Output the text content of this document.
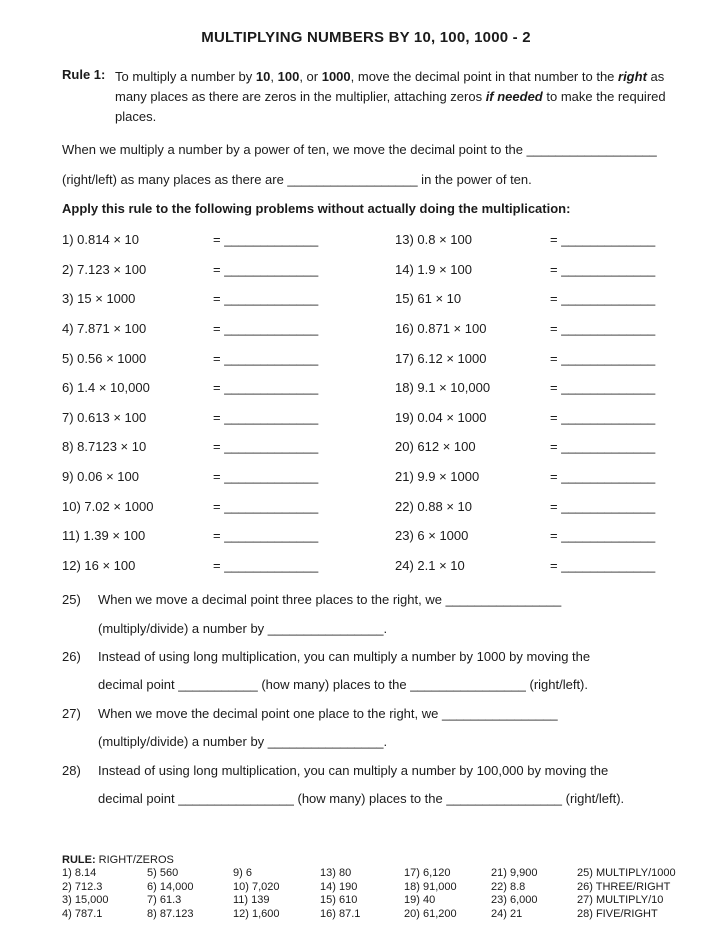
MULTIPLYING NUMBERS BY 10, 100, 1000 - 2
Rule 1: To multiply a number by 10, 100, or 1000, move the decimal point in that number to the right as many places as there are zeros in the multiplier, attaching zeros if needed to make the required places.
When we multiply a number by a power of ten, we move the decimal point to the __________________
(right/left) as many places as there are __________________ in the power of ten.
Apply this rule to the following problems without actually doing the multiplication:
1) 0.814 × 10	= _____________
2) 7.123 × 100	= _____________
3) 15 × 1000	= _____________
4) 7.871 × 100	= _____________
5) 0.56 × 1000	= _____________
6) 1.4 × 10,000	= _____________
7) 0.613 × 100	= _____________
8) 8.7123 × 10	= _____________
9) 0.06 × 100	= _____________
10) 7.02 × 1000	= _____________
11) 1.39 × 100	= _____________
12) 16 × 100	= _____________
13) 0.8 × 100	= _____________
14) 1.9 × 100	= _____________
15) 61 × 10	= _____________
16) 0.871 × 100	= _____________
17) 6.12 × 1000	= _____________
18) 9.1 × 10,000	= _____________
19) 0.04 × 1000	= _____________
20) 612 × 100	= _____________
21) 9.9 × 1000	= _____________
22) 0.88 × 10	= _____________
23) 6 × 1000	= _____________
24) 2.1 × 10	= _____________
25)	When we move a decimal point three places to the right, we ________________
(multiply/divide) a number by ________________.
26)	Instead of using long multiplication, you can multiply a number by 1000 by moving the
decimal point ___________ (how many) places to the ________________ (right/left).
27)	When we move the decimal point one place to the right, we ________________
(multiply/divide) a number by ________________.
28)	Instead of using long multiplication, you can multiply a number by 100,000 by moving the
decimal point ________________ (how many) places to the ________________ (right/left).
RULE: RIGHT/ZEROS
1) 8.14	5) 560	9) 6	13) 80	17) 6,120	21) 9,900	25) MULTIPLY/1000
2) 712.3	6) 14,000	10) 7,020	14) 190	18) 91,000	22) 8.8	26) THREE/RIGHT
3) 15,000	7) 61.3	11) 139	15) 610	19) 40	23) 6,000	27) MULTIPLY/10
4) 787.1	8) 87.123	12) 1,600	16) 87.1	20) 61,200	24) 21	28) FIVE/RIGHT
